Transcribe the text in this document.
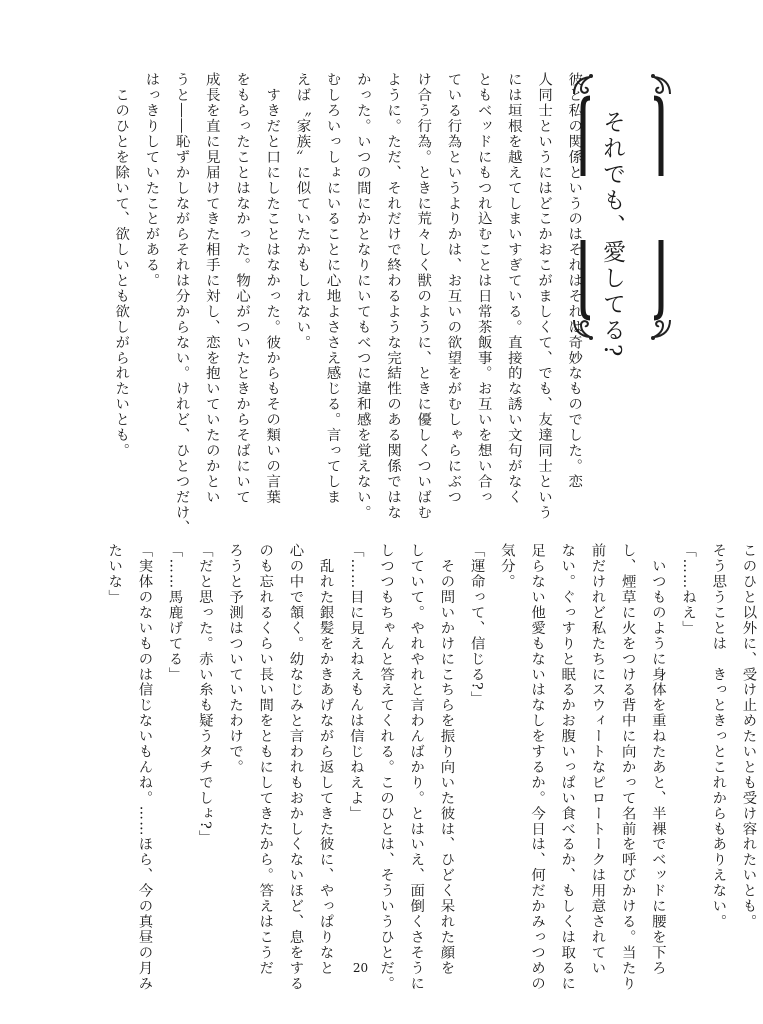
それでも、愛してる?
彼と私の関係というのはそれはそれは奇妙なものでした。恋
人同士というにはどこかおこがましくて、でも、友達同士という
には垣根を越えてしまいすぎている。直接的な誘い文句がなく
ともベッドにもつれ込むことは日常茶飯事。お互いを想い合っ
ている行為というよりかは、お互いの欲望をがむしゃらにぶつ
け合う行為。ときに荒々しく獣のように、ときに優しくついばむ
ように。ただ、それだけで終わるような完結性のある関係ではな
かった。いつの間にかとなりにいてもべつに違和感を覚えない。
むしろいっしょにいることに心地よささえ感じる。言ってしま
えば〝家族〟に似ていたかもしれない。
　すきだと口にしたことはなかった。彼からもその類いの言葉
をもらったことはなかった。物心がついたときからそばにいて
成長を直に見届けてきた相手に対し、恋を抱いていたのかとい
うと――恥ずかしながらそれは分からない。けれど、ひとつだけ、
はっきりしていたことがある。
　このひとを除いて、欲しいとも欲しがられたいとも。
このひと以外に、受け止めたいとも受け容れたいとも。
そう思うことは　きっときっとこれからもありえない。
「……ねえ」
　いつものように身体を重ねたあと、半裸でベッドに腰を下ろ
し、煙草に火をつける背中に向かって名前を呼びかける。当たり
前だけれど私たちにスウィートなピロートークは用意されてい
ない。ぐっすりと眠るかお腹いっぱい食べるか、もしくは取るに
足らない他愛もないはなしをするか。今日は、何だかみっつめの
気分。
「運命って、信じる?」
　その問いかけにこちらを振り向いた彼は、ひどく呆れた顔を
していて。やれやれと言わんばかり。とはいえ、面倒くさそうに
しつつもちゃんと答えてくれる。このひとは、そういうひとだ。
「……目に見えねえもんは信じねえよ」
　乱れた銀髪をかきあげながら返してきた彼に、やっぱりなと
心の中で頷く。幼なじみと言われもおかしくないほど、息をする
のも忘れるくらい長い間をともにしてきたから。答えはこうだ
ろうと予測はついていたわけで。
「だと思った。赤い糸も疑うタチでしょ?」
「……馬鹿げてる」
「実体のないものは信じないもんね。……ほら、今の真昼の月み
たいな」
20
